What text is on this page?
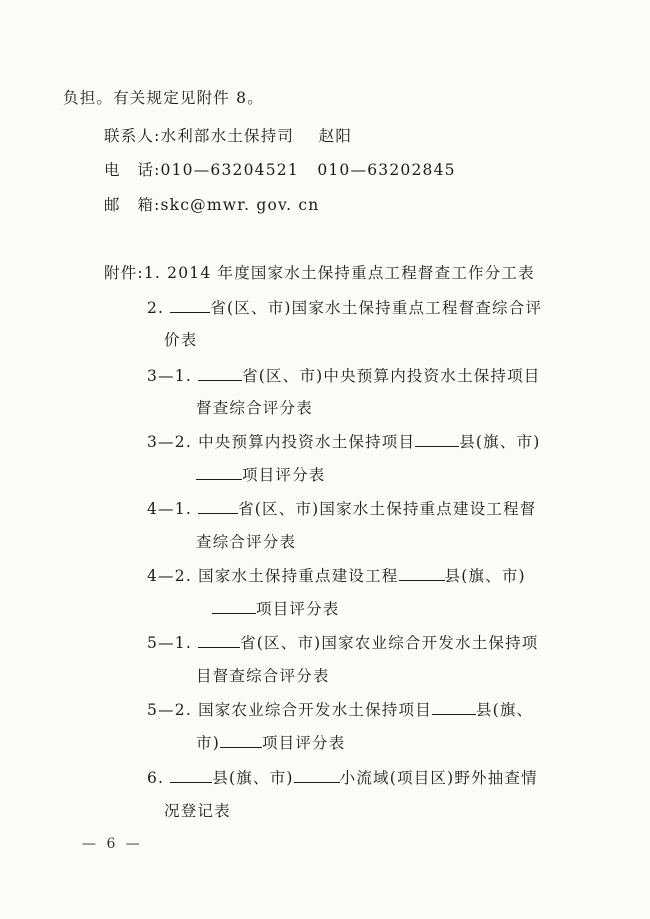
负担。有关规定见附件 8。
联系人:水利部水土保持司 赵阳
电　话:010—63204521 010—63202845
邮　箱:skc@mwr. gov. cn
附件:1. 2014 年度国家水土保持重点工程督查工作分工表
2.	省(区、市)国家水土保持重点工程督查综合评
价表
3—1.	省(区、市)中央预算内投资水土保持项目
督查综合评分表
3—2. 中央预算内投资水土保持项目	县(旗、市)
项目评分表
4—1.	省(区、市)国家水土保持重点建设工程督
查综合评分表
4—2. 国家水土保持重点建设工程	县(旗、市)
项目评分表
5—1.	省(区、市)国家农业综合开发水土保持项
目督查综合评分表
5—2. 国家农业综合开发水土保持项目	县(旗、
市)	项目评分表
6.	县(旗、市)	小流域(项目区)野外抽查情
况登记表
— 6 —
